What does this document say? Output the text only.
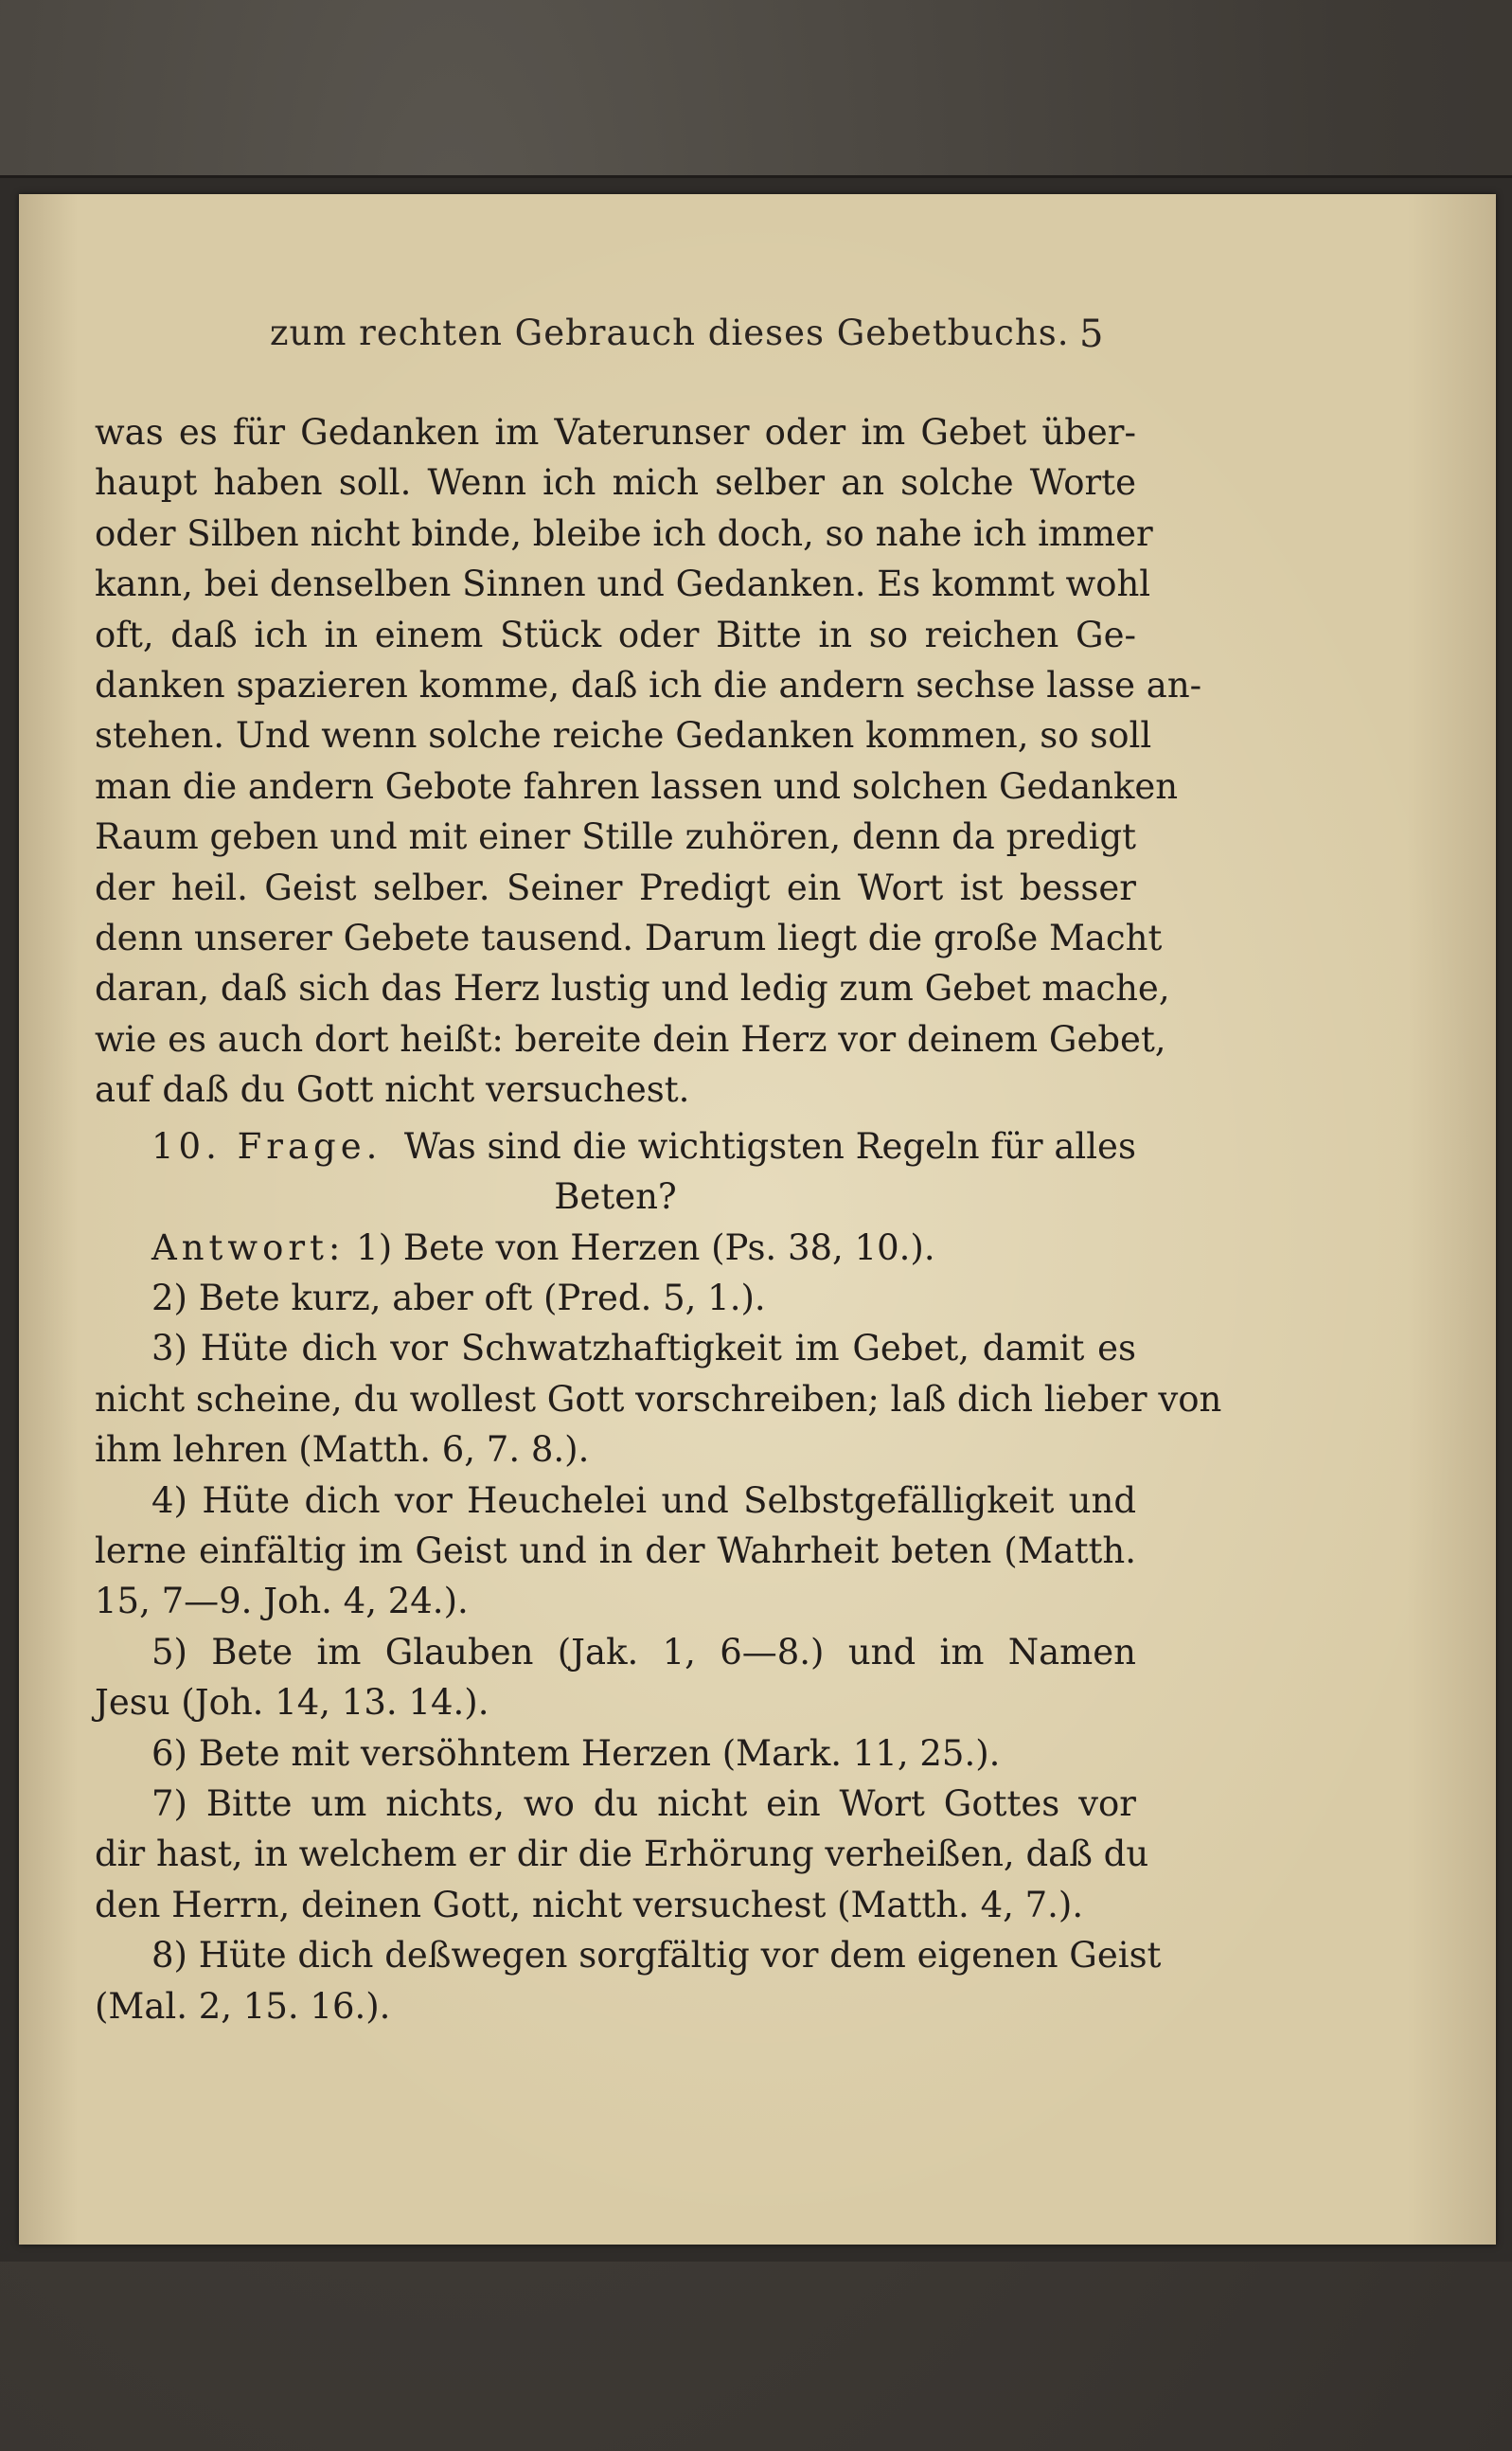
zum rechten Gebrauch dieses Gebetbuchs. 5
was es für Gedanken im Vaterunser oder im Gebet über-
haupt haben soll. Wenn ich mich selber an solche Worte
oder Silben nicht binde, bleibe ich doch, so nahe ich immer
kann, bei denselben Sinnen und Gedanken. Es kommt wohl
oft, daß ich in einem Stück oder Bitte in so reichen Ge-
danken spazieren komme, daß ich die andern sechse lasse an-
stehen. Und wenn solche reiche Gedanken kommen, so soll
man die andern Gebote fahren lassen und solchen Gedanken
Raum geben und mit einer Stille zuhören, denn da predigt
der heil. Geist selber. Seiner Predigt ein Wort ist besser
denn unserer Gebete tausend. Darum liegt die große Macht
daran, daß sich das Herz lustig und ledig zum Gebet mache,
wie es auch dort heißt: bereite dein Herz vor deinem Gebet,
auf daß du Gott nicht versuchest.
10. Frage. Was sind die wichtigsten Regeln für alles
Beten?
Antwort: 1) Bete von Herzen (Ps. 38, 10.).
2) Bete kurz, aber oft (Pred. 5, 1.).
3) Hüte dich vor Schwatzhaftigkeit im Gebet, damit es
nicht scheine, du wollest Gott vorschreiben; laß dich lieber von
ihm lehren (Matth. 6, 7. 8.).
4) Hüte dich vor Heuchelei und Selbstgefälligkeit und
lerne einfältig im Geist und in der Wahrheit beten (Matth.
15, 7—9. Joh. 4, 24.).
5) Bete im Glauben (Jak. 1, 6—8.) und im Namen
Jesu (Joh. 14, 13. 14.).
6) Bete mit versöhntem Herzen (Mark. 11, 25.).
7) Bitte um nichts, wo du nicht ein Wort Gottes vor
dir hast, in welchem er dir die Erhörung verheißen, daß du
den Herrn, deinen Gott, nicht versuchest (Matth. 4, 7.).
8) Hüte dich deßwegen sorgfältig vor dem eigenen Geist
(Mal. 2, 15. 16.).
